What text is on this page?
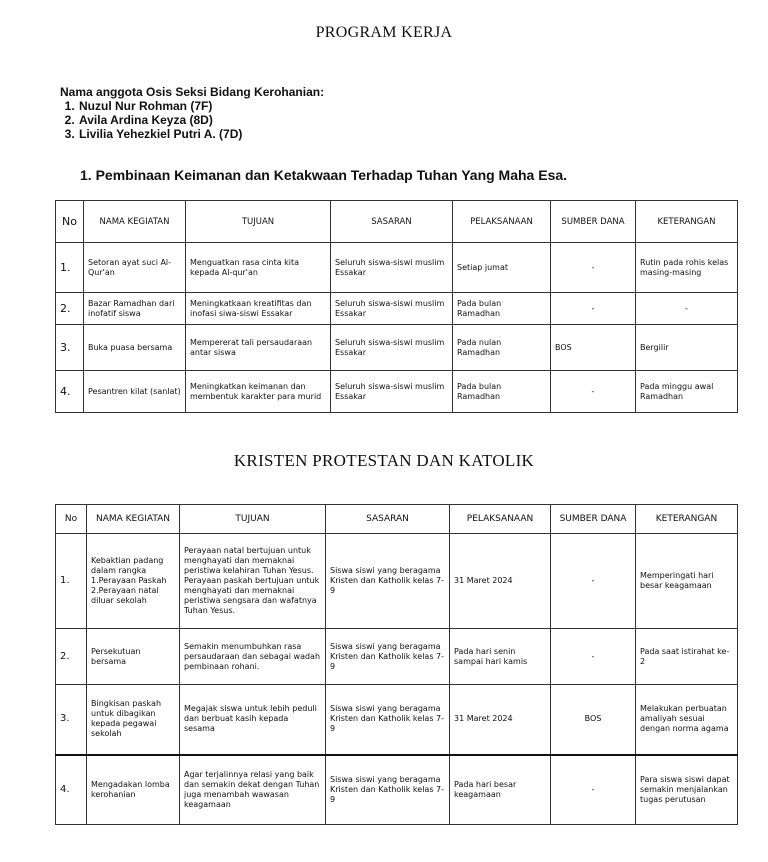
PROGRAM KERJA
Nama anggota Osis Seksi Bidang Kerohanian:
1. Nuzul Nur Rohman (7F)
2. Avila Ardina Keyza (8D)
3. Livilia Yehezkiel Putri A. (7D)
1. Pembinaan Keimanan dan Ketakwaan Terhadap Tuhan Yang Maha Esa.
No	NAMA KEGIATAN	TUJUAN	SASARAN	PELAKSANAAN	SUMBER DANA	KETERANGAN
1.	Setoran ayat suci Al-Qur'an	Menguatkan rasa cinta kita kepada Al-qur'an	Seluruh siswa-siswi muslim Essakar	Setiap jumat	-	Rutin pada rohis kelas masing-masing
2.	Bazar Ramadhan dari inofatif siswa	Meningkatkaan kreatifitas dan inofasi siwa-siswi Essakar	Seluruh siswa-siswi muslim Essakar	Pada bulan Ramadhan	-	-
3.	Buka puasa bersama	Mempererat tali persaudaraan antar siswa	Seluruh siswa-siswi muslim Essakar	Pada nulan Ramadhan	BOS	Bergilir
4.	Pesantren kilat (sanlat)	Meningkatkan keimanan dan membentuk karakter para murid	Seluruh siswa-siswi muslim Essakar	Pada bulan Ramadhan	-	Pada minggu awal Ramadhan
KRISTEN PROTESTAN DAN KATOLIK
No	NAMA KEGIATAN	TUJUAN	SASARAN	PELAKSANAAN	SUMBER DANA	KETERANGAN
1.	Kebaktian padang dalam rangka 1.Perayaan Paskah 2.Perayaan natal diluar sekolah	Perayaan natal bertujuan untuk menghayati dan memaknai peristiwa kelahiran Tuhan Yesus. Perayaan paskah bertujuan untuk menghayati dan memaknai peristiwa sengsara dan wafatnya Tuhan Yesus.	Siswa siswi yang beragama Kristen dan Katholik kelas 7-9	31 Maret 2024	-	Memperingati hari besar keagamaan
2.	Persekutuan bersama	Semakin menumbuhkan rasa persaudaraan dan sebagai wadah pembinaan rohani.	Siswa siswi yang beragama Kristen dan Katholik kelas 7-9	Pada hari senin sampai hari kamis	-	Pada saat istirahat ke-2
3.	Bingkisan paskah untuk dibagikan kepada pegawai sekolah	Megajak siswa untuk lebih peduli dan berbuat kasih kepada sesama	Siswa siswi yang beragama Kristen dan Katholik kelas 7-9	31 Maret 2024	BOS	Melakukan perbuatan amaliyah sesuai dengan norma agama
4.	Mengadakan lomba kerohanian	Agar terjalinnya relasi yang baik dan semakin dekat dengan Tuhan juga menambah wawasan keagamaan	Siswa siswi yang beragama Kristen dan Katholik kelas 7-9	Pada hari besar keagamaan	-	Para siswa siswi dapat semakin menjalankan tugas perutusan
